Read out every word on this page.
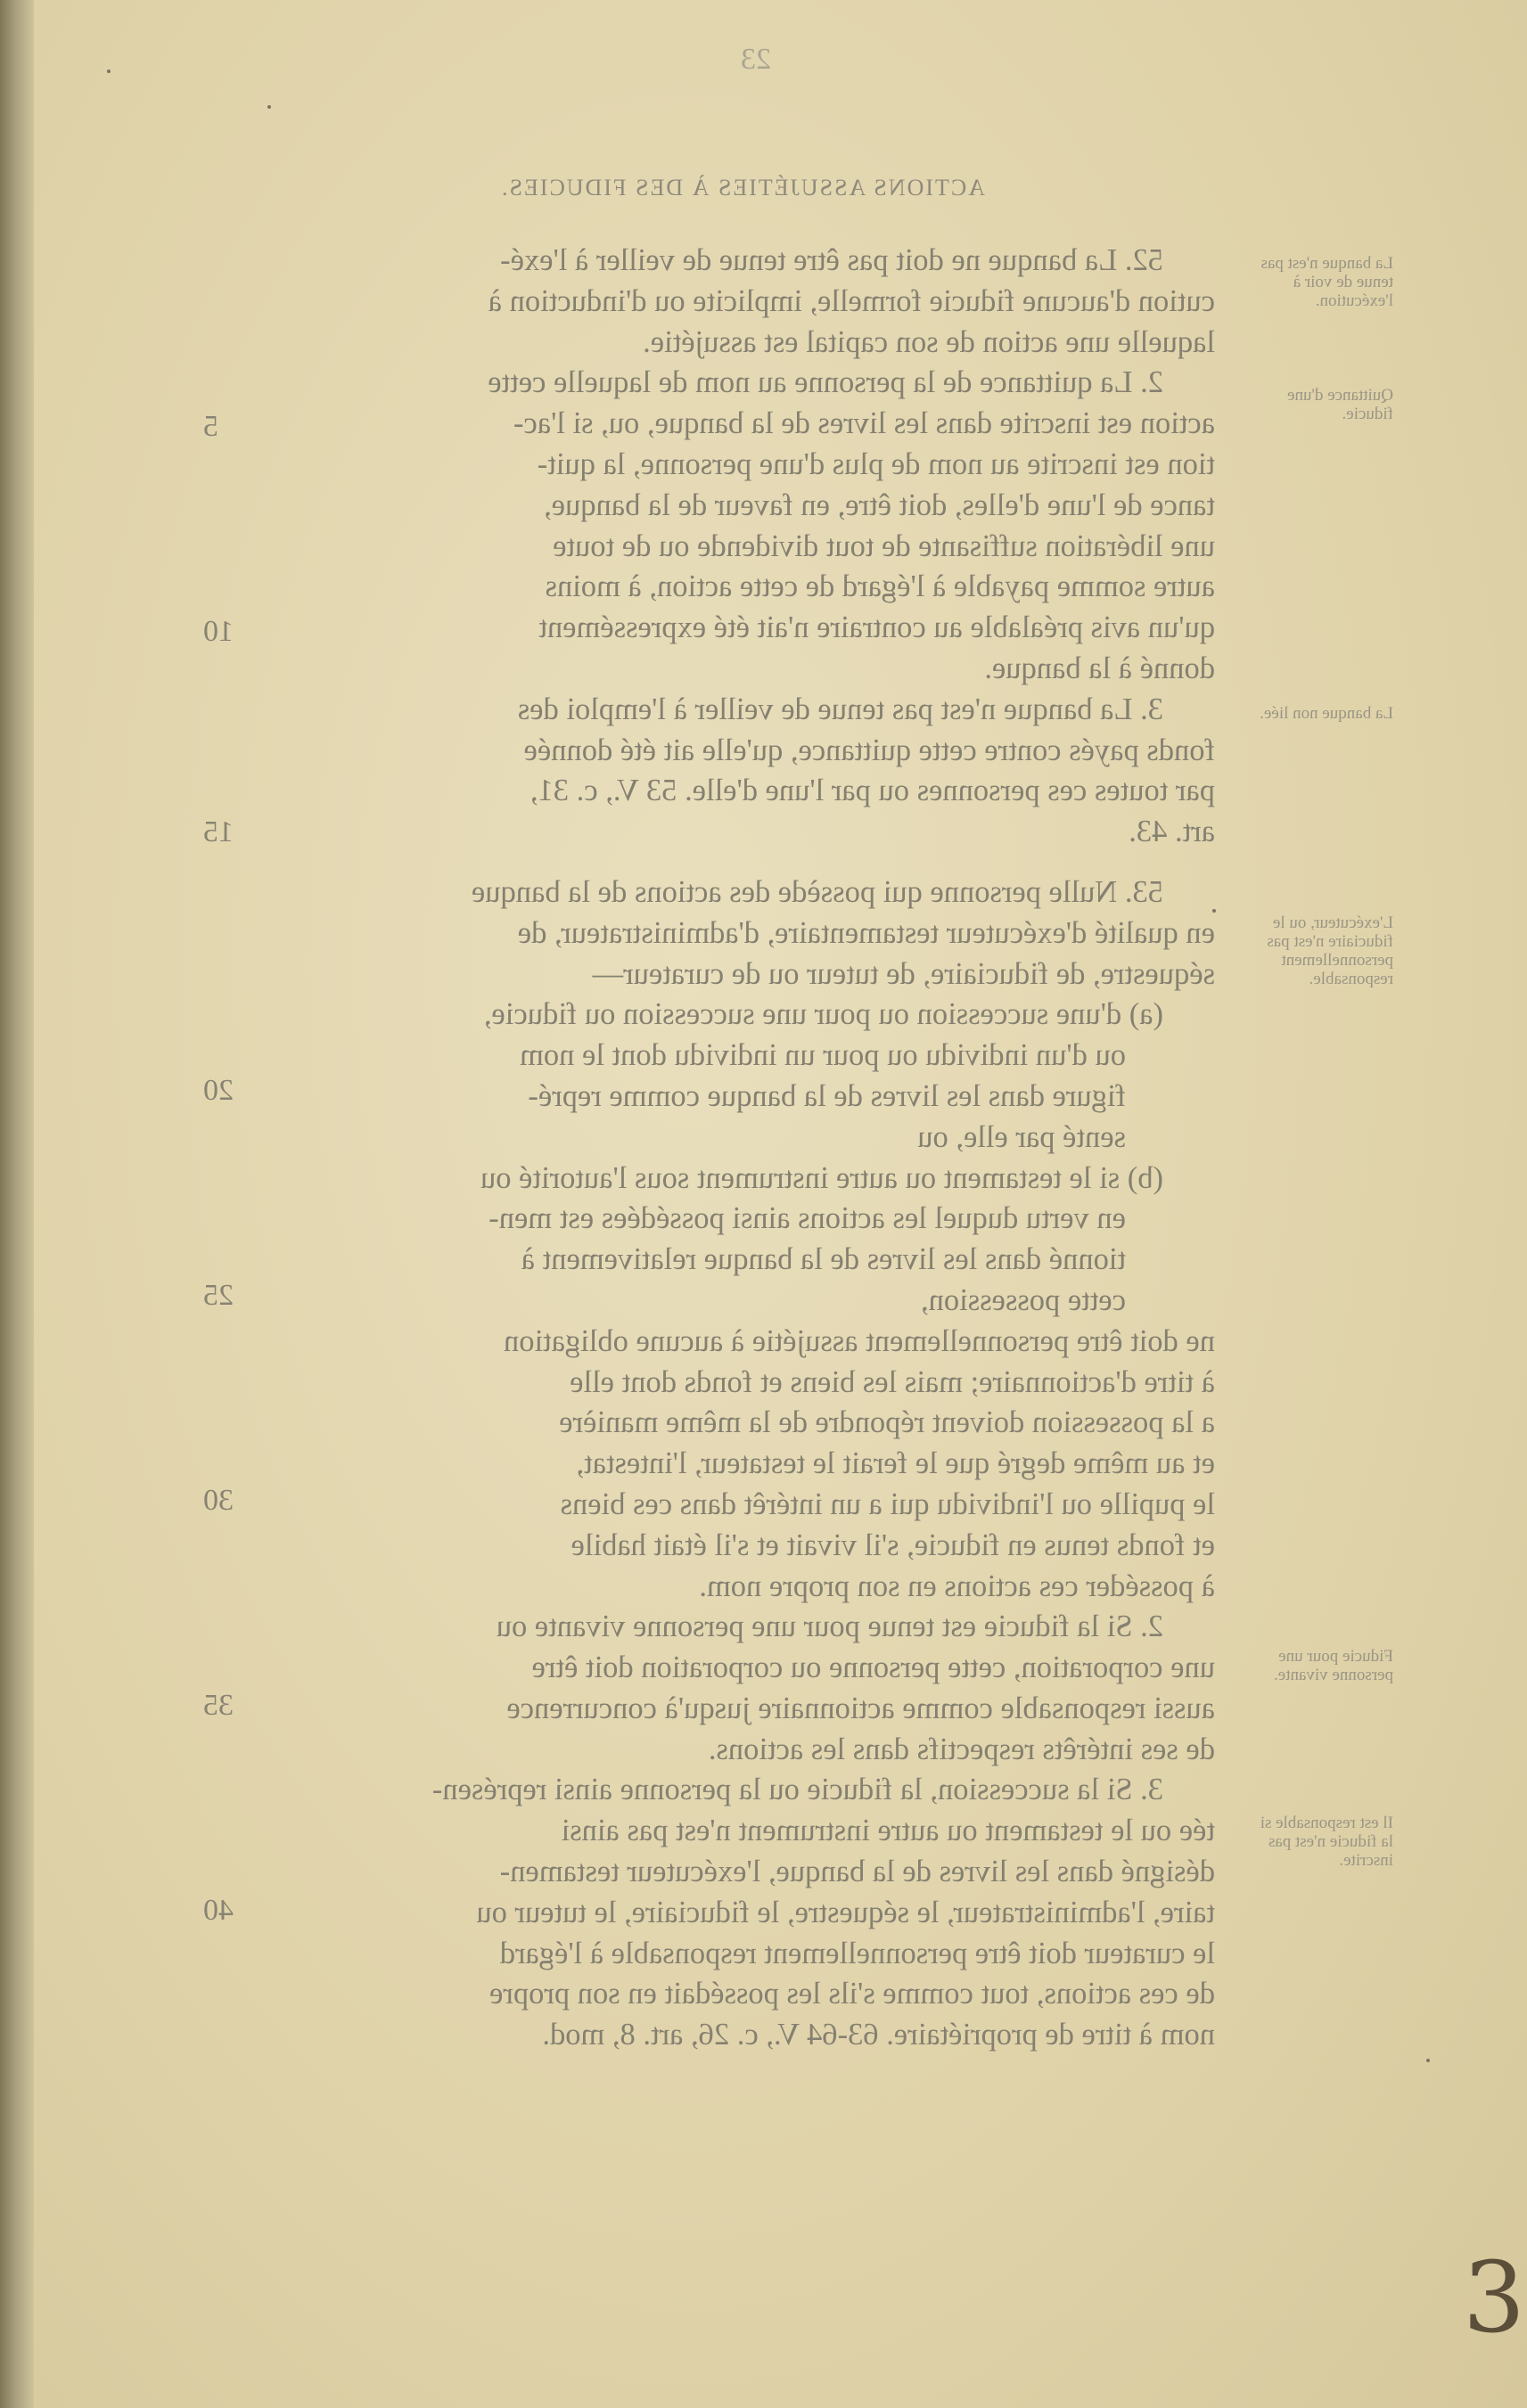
23
ACTIONS ASSUJÉTIES À DES FIDUCIES.
52. La banque ne doit pas être tenue de veiller à l'exé-
cution d'aucune fiducie formelle, implicite ou d'induction à
laquelle une action de son capital est assujétie.
2. La quittance de la personne au nom de laquelle cette
action est inscrite dans les livres de la banque, ou, si l'ac-
tion est inscrite au nom de plus d'une personne, la quit-
tance de l'une d'elles, doit être, en faveur de la banque,
une libération suffisante de tout dividende ou de toute
autre somme payable à l'égard de cette action, à moins
qu'un avis préalable au contraire n'ait été expressément
donné à la banque.
3. La banque n'est pas tenue de veiller à l'emploi des
fonds payés contre cette quittance, qu'elle ait été donnée
par toutes ces personnes ou par l'une d'elle. 53 V., c. 31,
art. 43.
53. Nulle personne qui possède des actions de la banque
en qualité d'exécuteur testamentaire, d'administrateur, de
séquestre, de fiduciaire, de tuteur ou de curateur—
(a) d'une succession ou pour une succession ou fiducie,
ou d'un individu ou pour un individu dont le nom
figure dans les livres de la banque comme repré-
senté par elle, ou
(b) si le testament ou autre instrument sous l'autorité ou
en vertu duquel les actions ainsi possédées est men-
tionné dans les livres de la banque relativement à
cette possession,
ne doit être personnellement assujétie à aucune obligation
à titre d'actionnaire; mais les biens et fonds dont elle
a la possession doivent répondre de la même manière
et au même degré que le ferait le testateur, l'intestat,
le pupille ou l'individu qui a un intérêt dans ces biens
et fonds tenus en fiducie, s'il vivait et s'il était habile
à posséder ces actions en son propre nom.
2. Si la fiducie est tenue pour une personne vivante ou
une corporation, cette personne ou corporation doit être
aussi responsable comme actionnaire jusqu'à concurrence
de ses intérêts respectifs dans les actions.
3. Si la succession, la fiducie ou la personne ainsi représen-
tée ou le testament ou autre instrument n'est pas ainsi
désigné dans les livres de la banque, l'exécuteur testamen-
taire, l'administrateur, le séquestre, le fiduciaire, le tuteur ou
le curateur doit être personnellement responsable à l'égard
de ces actions, tout comme s'ils les possédait en son propre
nom à titre de propriétaire. 63-64 V., c. 26, art. 8, mod.
La banque n'est pas tenue de voir à l'exécution.
Quittance d'une fiducie.
La banque non liée.
L'exécuteur, ou le fiduciaire n'est pas personnellement responsable.
Fiducie pour une personne vivante.
Il est responsable si la fiducie n'est pas inscrite.
5
10
15
20
25
30
35
40
3
